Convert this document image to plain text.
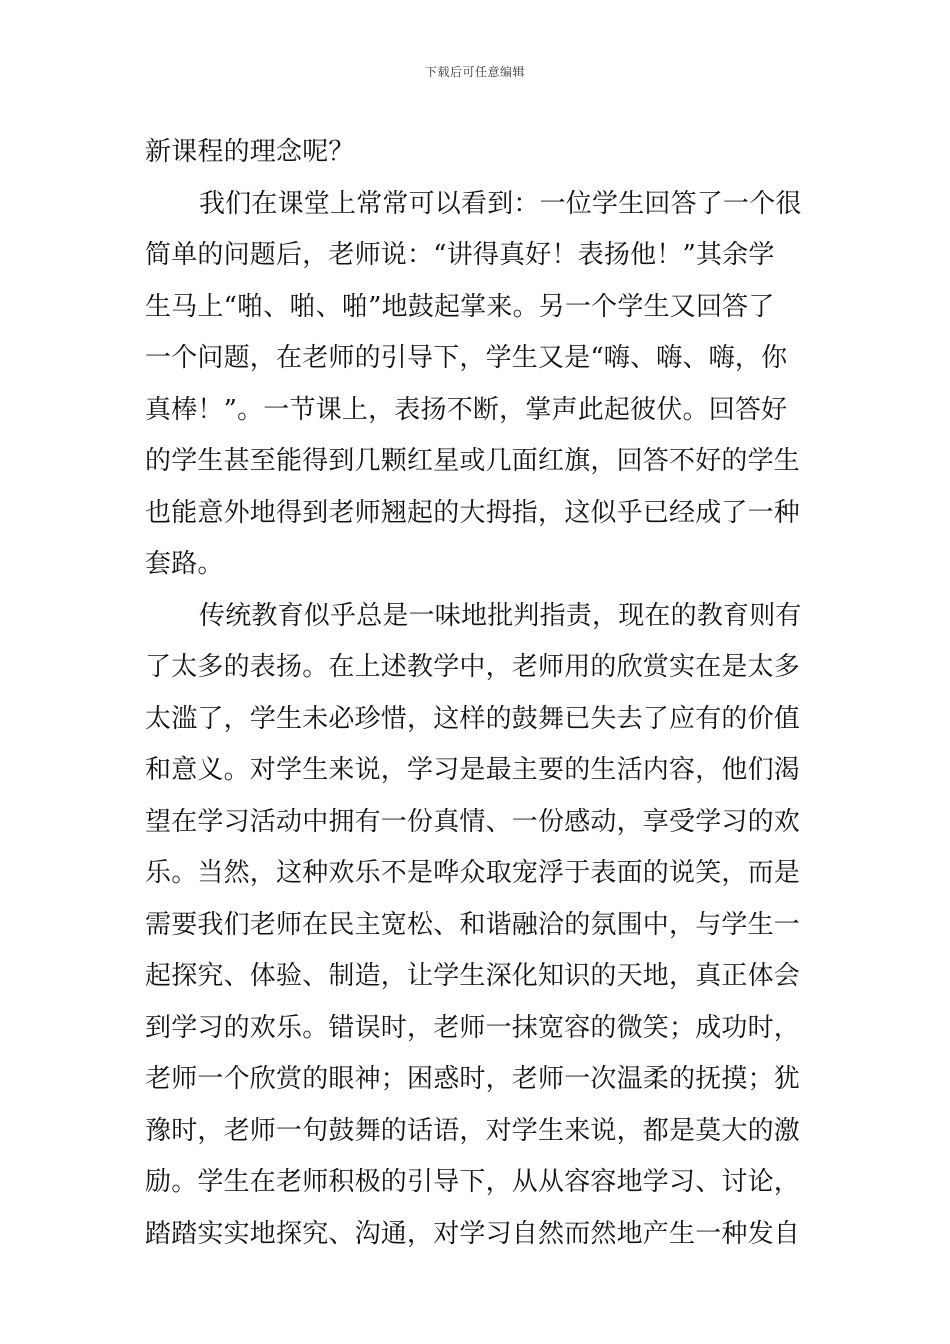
下载后可任意编辑
新课程的理念呢？
我们在课堂上常常可以看到：一位学生回答了一个很
简单的问题后，老师说：“讲得真好！表扬他！”其余学
生马上“啪、啪、啪”地鼓起掌来。另一个学生又回答了
一个问题，在老师的引导下，学生又是“嗨、嗨、嗨，你
真棒！”。一节课上，表扬不断，掌声此起彼伏。回答好
的学生甚至能得到几颗红星或几面红旗，回答不好的学生
也能意外地得到老师翘起的大拇指，这似乎已经成了一种
套路。
传统教育似乎总是一味地批判指责，现在的教育则有
了太多的表扬。在上述教学中，老师用的欣赏实在是太多
太滥了，学生未必珍惜，这样的鼓舞已失去了应有的价值
和意义。对学生来说，学习是最主要的生活内容，他们渴
望在学习活动中拥有一份真情、一份感动，享受学习的欢
乐。当然，这种欢乐不是哗众取宠浮于表面的说笑，而是
需要我们老师在民主宽松、和谐融洽的氛围中，与学生一
起探究、体验、制造，让学生深化知识的天地，真正体会
到学习的欢乐。错误时，老师一抹宽容的微笑；成功时，
老师一个欣赏的眼神；困惑时，老师一次温柔的抚摸；犹
豫时，老师一句鼓舞的话语，对学生来说，都是莫大的激
励。学生在老师积极的引导下，从从容容地学习、讨论，
踏踏实实地探究、沟通，对学习自然而然地产生一种发自
